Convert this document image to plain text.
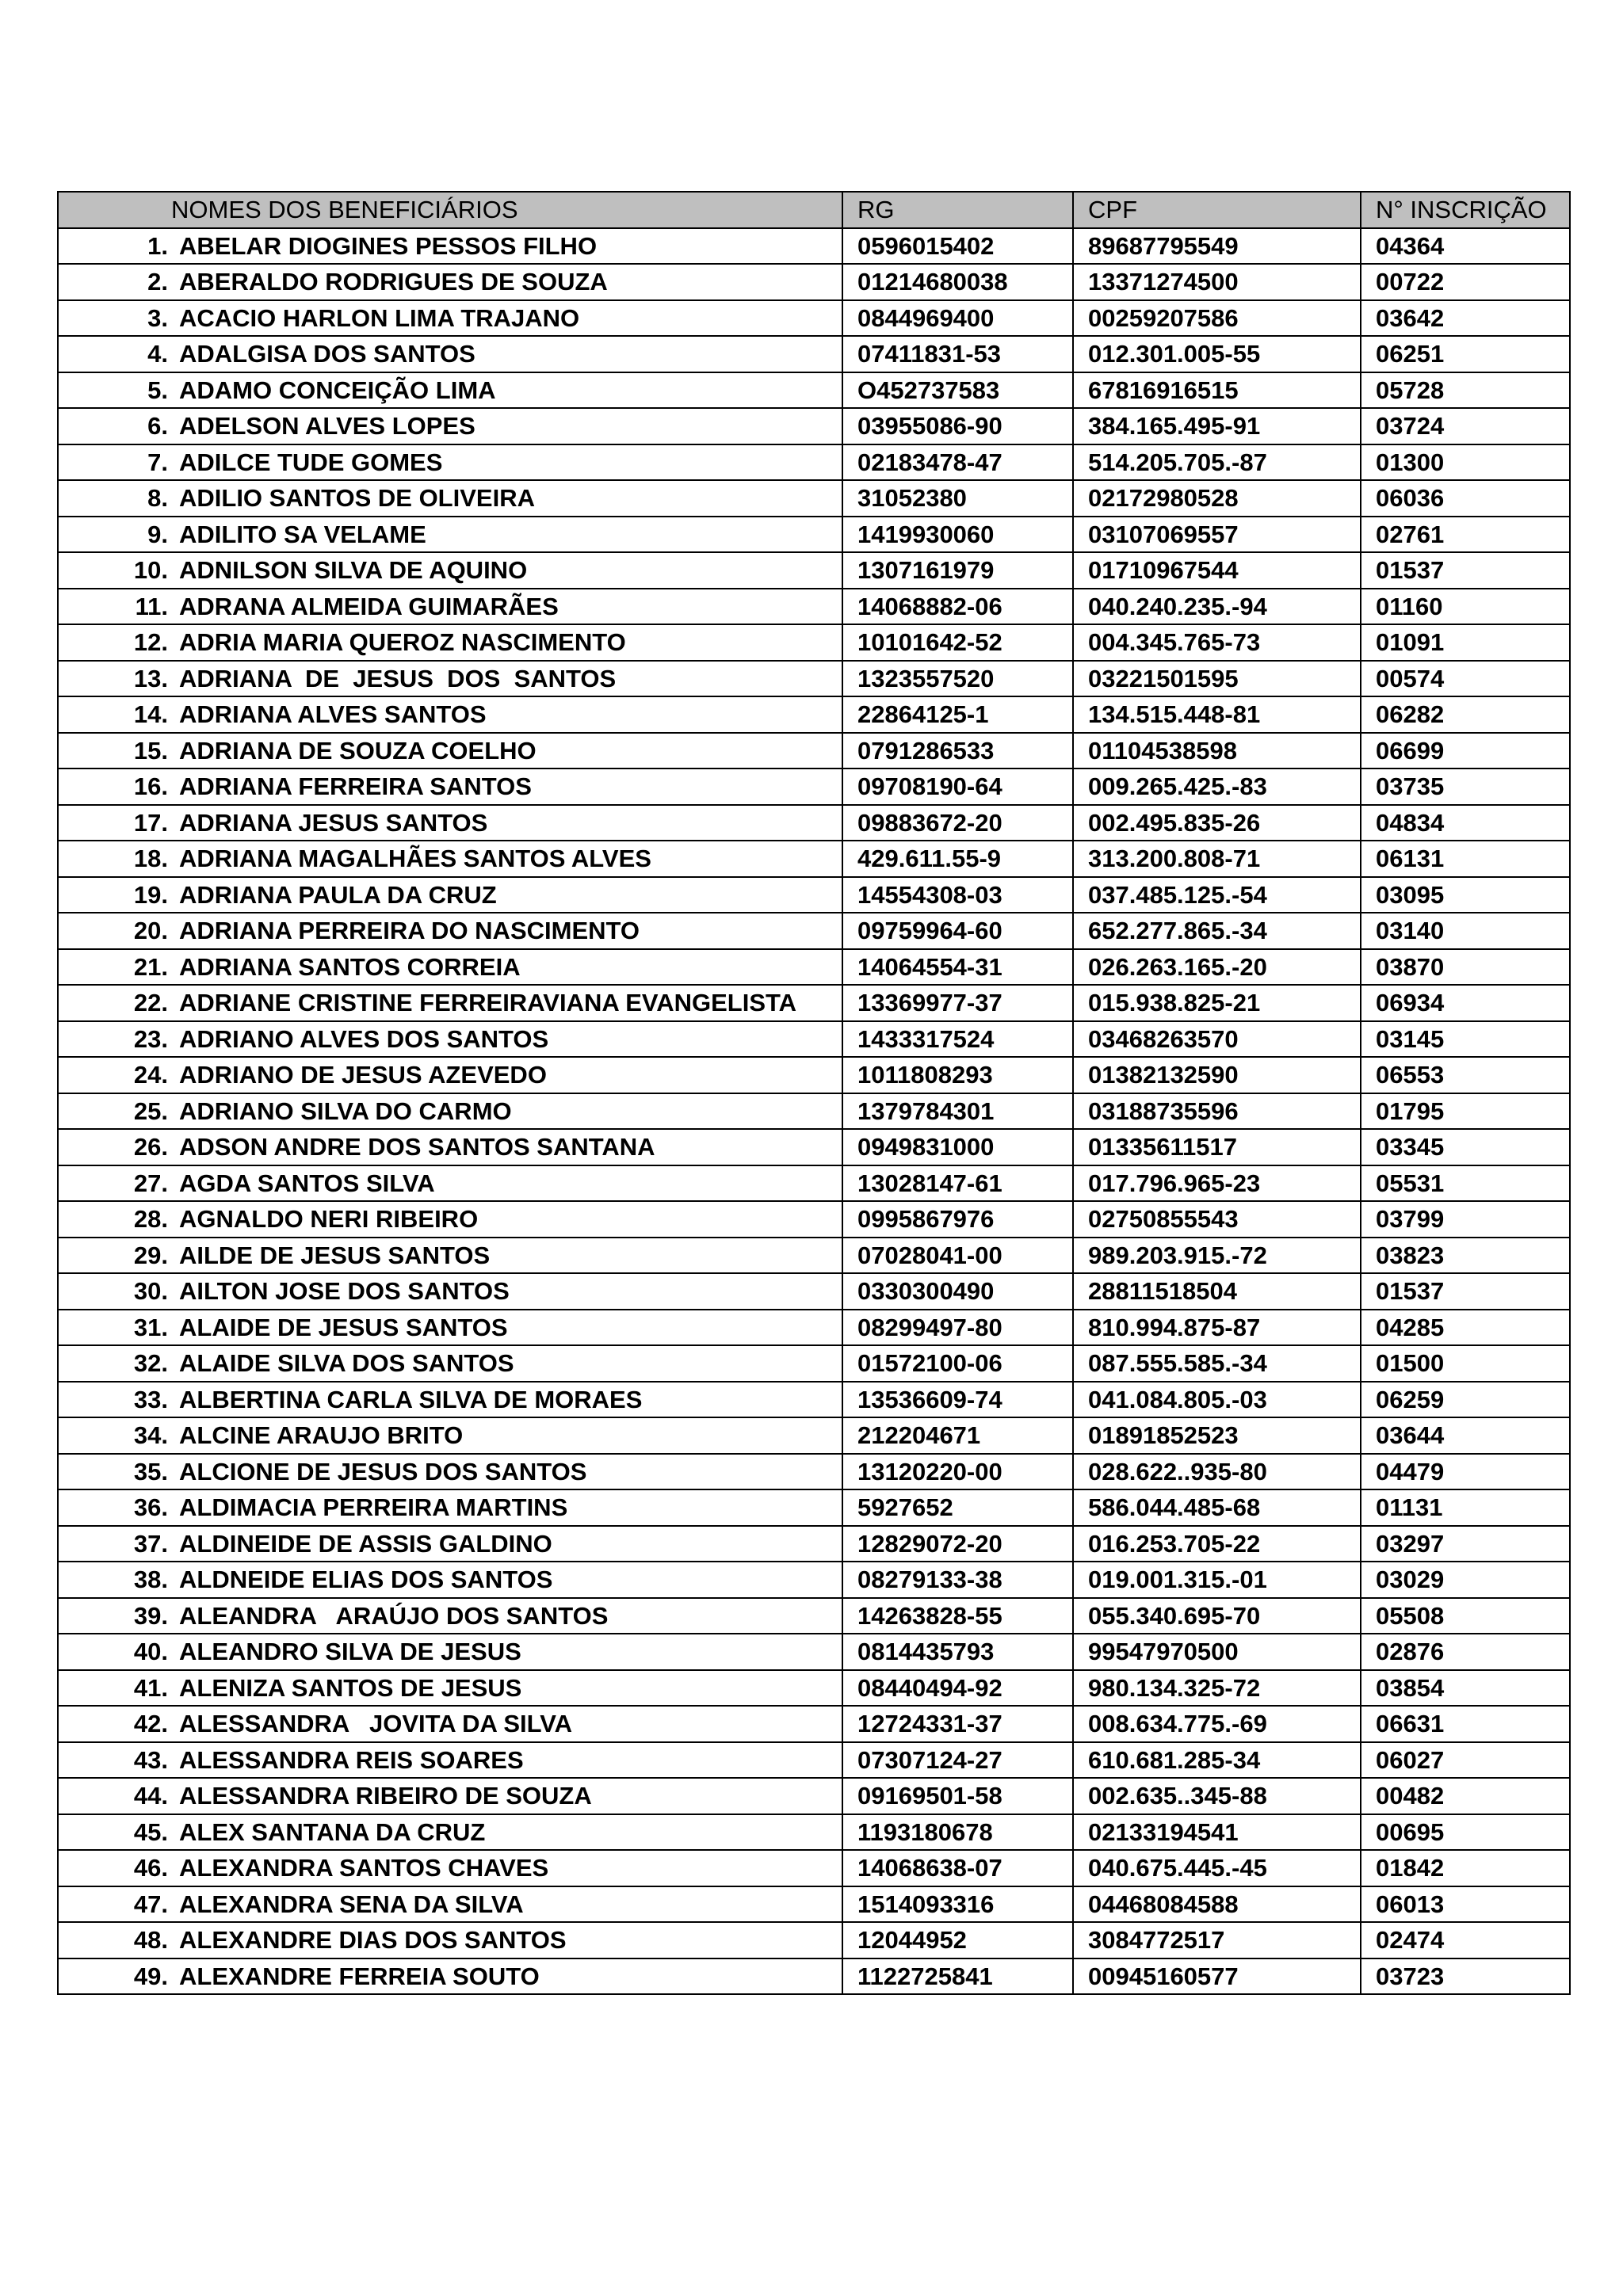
NOMES DOS BENEFICIÁRIOS	RG	CPF	N° INSCRIÇÃO
1. ABELAR DIOGINES PESSOS FILHO	0596015402	89687795549	04364
2. ABERALDO RODRIGUES DE SOUZA	01214680038	13371274500	00722
3. ACACIO HARLON LIMA TRAJANO	0844969400	00259207586	03642
4. ADALGISA DOS SANTOS	07411831-53	012.301.005-55	06251
5. ADAMO CONCEIÇÃO LIMA	O452737583	67816916515	05728
6. ADELSON ALVES LOPES	03955086-90	384.165.495-91	03724
7. ADILCE TUDE GOMES	02183478-47	514.205.705.-87	01300
8. ADILIO SANTOS DE OLIVEIRA	31052380	02172980528	06036
9. ADILITO SA VELAME	1419930060	03107069557	02761
10. ADNILSON SILVA DE AQUINO	1307161979	01710967544	01537
11. ADRANA ALMEIDA GUIMARÃES	14068882-06	040.240.235.-94	01160
12. ADRIA MARIA QUEROZ NASCIMENTO	10101642-52	004.345.765-73	01091
13. ADRIANA  DE  JESUS  DOS  SANTOS	1323557520	03221501595	00574
14. ADRIANA ALVES SANTOS	22864125-1	134.515.448-81	06282
15. ADRIANA DE SOUZA COELHO	0791286533	01104538598	06699
16. ADRIANA FERREIRA SANTOS	09708190-64	009.265.425.-83	03735
17. ADRIANA JESUS SANTOS	09883672-20	002.495.835-26	04834
18. ADRIANA MAGALHÃES SANTOS ALVES	429.611.55-9	313.200.808-71	06131
19. ADRIANA PAULA DA CRUZ	14554308-03	037.485.125.-54	03095
20. ADRIANA PERREIRA DO NASCIMENTO	09759964-60	652.277.865.-34	03140
21. ADRIANA SANTOS CORREIA	14064554-31	026.263.165.-20	03870
22. ADRIANE CRISTINE FERREIRAVIANA EVANGELISTA	13369977-37	015.938.825-21	06934
23. ADRIANO ALVES DOS SANTOS	1433317524	03468263570	03145
24. ADRIANO DE JESUS AZEVEDO	1011808293	01382132590	06553
25. ADRIANO SILVA DO CARMO	1379784301	03188735596	01795
26. ADSON ANDRE DOS SANTOS SANTANA	0949831000	01335611517	03345
27. AGDA SANTOS SILVA	13028147-61	017.796.965-23	05531
28. AGNALDO NERI RIBEIRO	0995867976	02750855543	03799
29. AILDE DE JESUS SANTOS	07028041-00	989.203.915.-72	03823
30. AILTON JOSE DOS SANTOS	0330300490	28811518504	01537
31. ALAIDE DE JESUS SANTOS	08299497-80	810.994.875-87	04285
32. ALAIDE SILVA DOS SANTOS	01572100-06	087.555.585.-34	01500
33. ALBERTINA CARLA SILVA DE MORAES	13536609-74	041.084.805.-03	06259
34. ALCINE ARAUJO BRITO	212204671	01891852523	03644
35. ALCIONE DE JESUS DOS SANTOS	13120220-00	028.622..935-80	04479
36. ALDIMACIA PERREIRA MARTINS	5927652	586.044.485-68	01131
37. ALDINEIDE DE ASSIS GALDINO	12829072-20	016.253.705-22	03297
38. ALDNEIDE ELIAS DOS SANTOS	08279133-38	019.001.315.-01	03029
39. ALEANDRA   ARAÚJO DOS SANTOS	14263828-55	055.340.695-70	05508
40. ALEANDRO SILVA DE JESUS	0814435793	99547970500	02876
41. ALENIZA SANTOS DE JESUS	08440494-92	980.134.325-72	03854
42. ALESSANDRA   JOVITA DA SILVA	12724331-37	008.634.775.-69	06631
43. ALESSANDRA REIS SOARES	07307124-27	610.681.285-34	06027
44. ALESSANDRA RIBEIRO DE SOUZA	09169501-58	002.635..345-88	00482
45. ALEX SANTANA DA CRUZ	1193180678	02133194541	00695
46. ALEXANDRA SANTOS CHAVES	14068638-07	040.675.445.-45	01842
47. ALEXANDRA SENA DA SILVA	1514093316	04468084588	06013
48. ALEXANDRE DIAS DOS SANTOS	12044952	3084772517	02474
49. ALEXANDRE FERREIA SOUTO	1122725841	00945160577	03723
